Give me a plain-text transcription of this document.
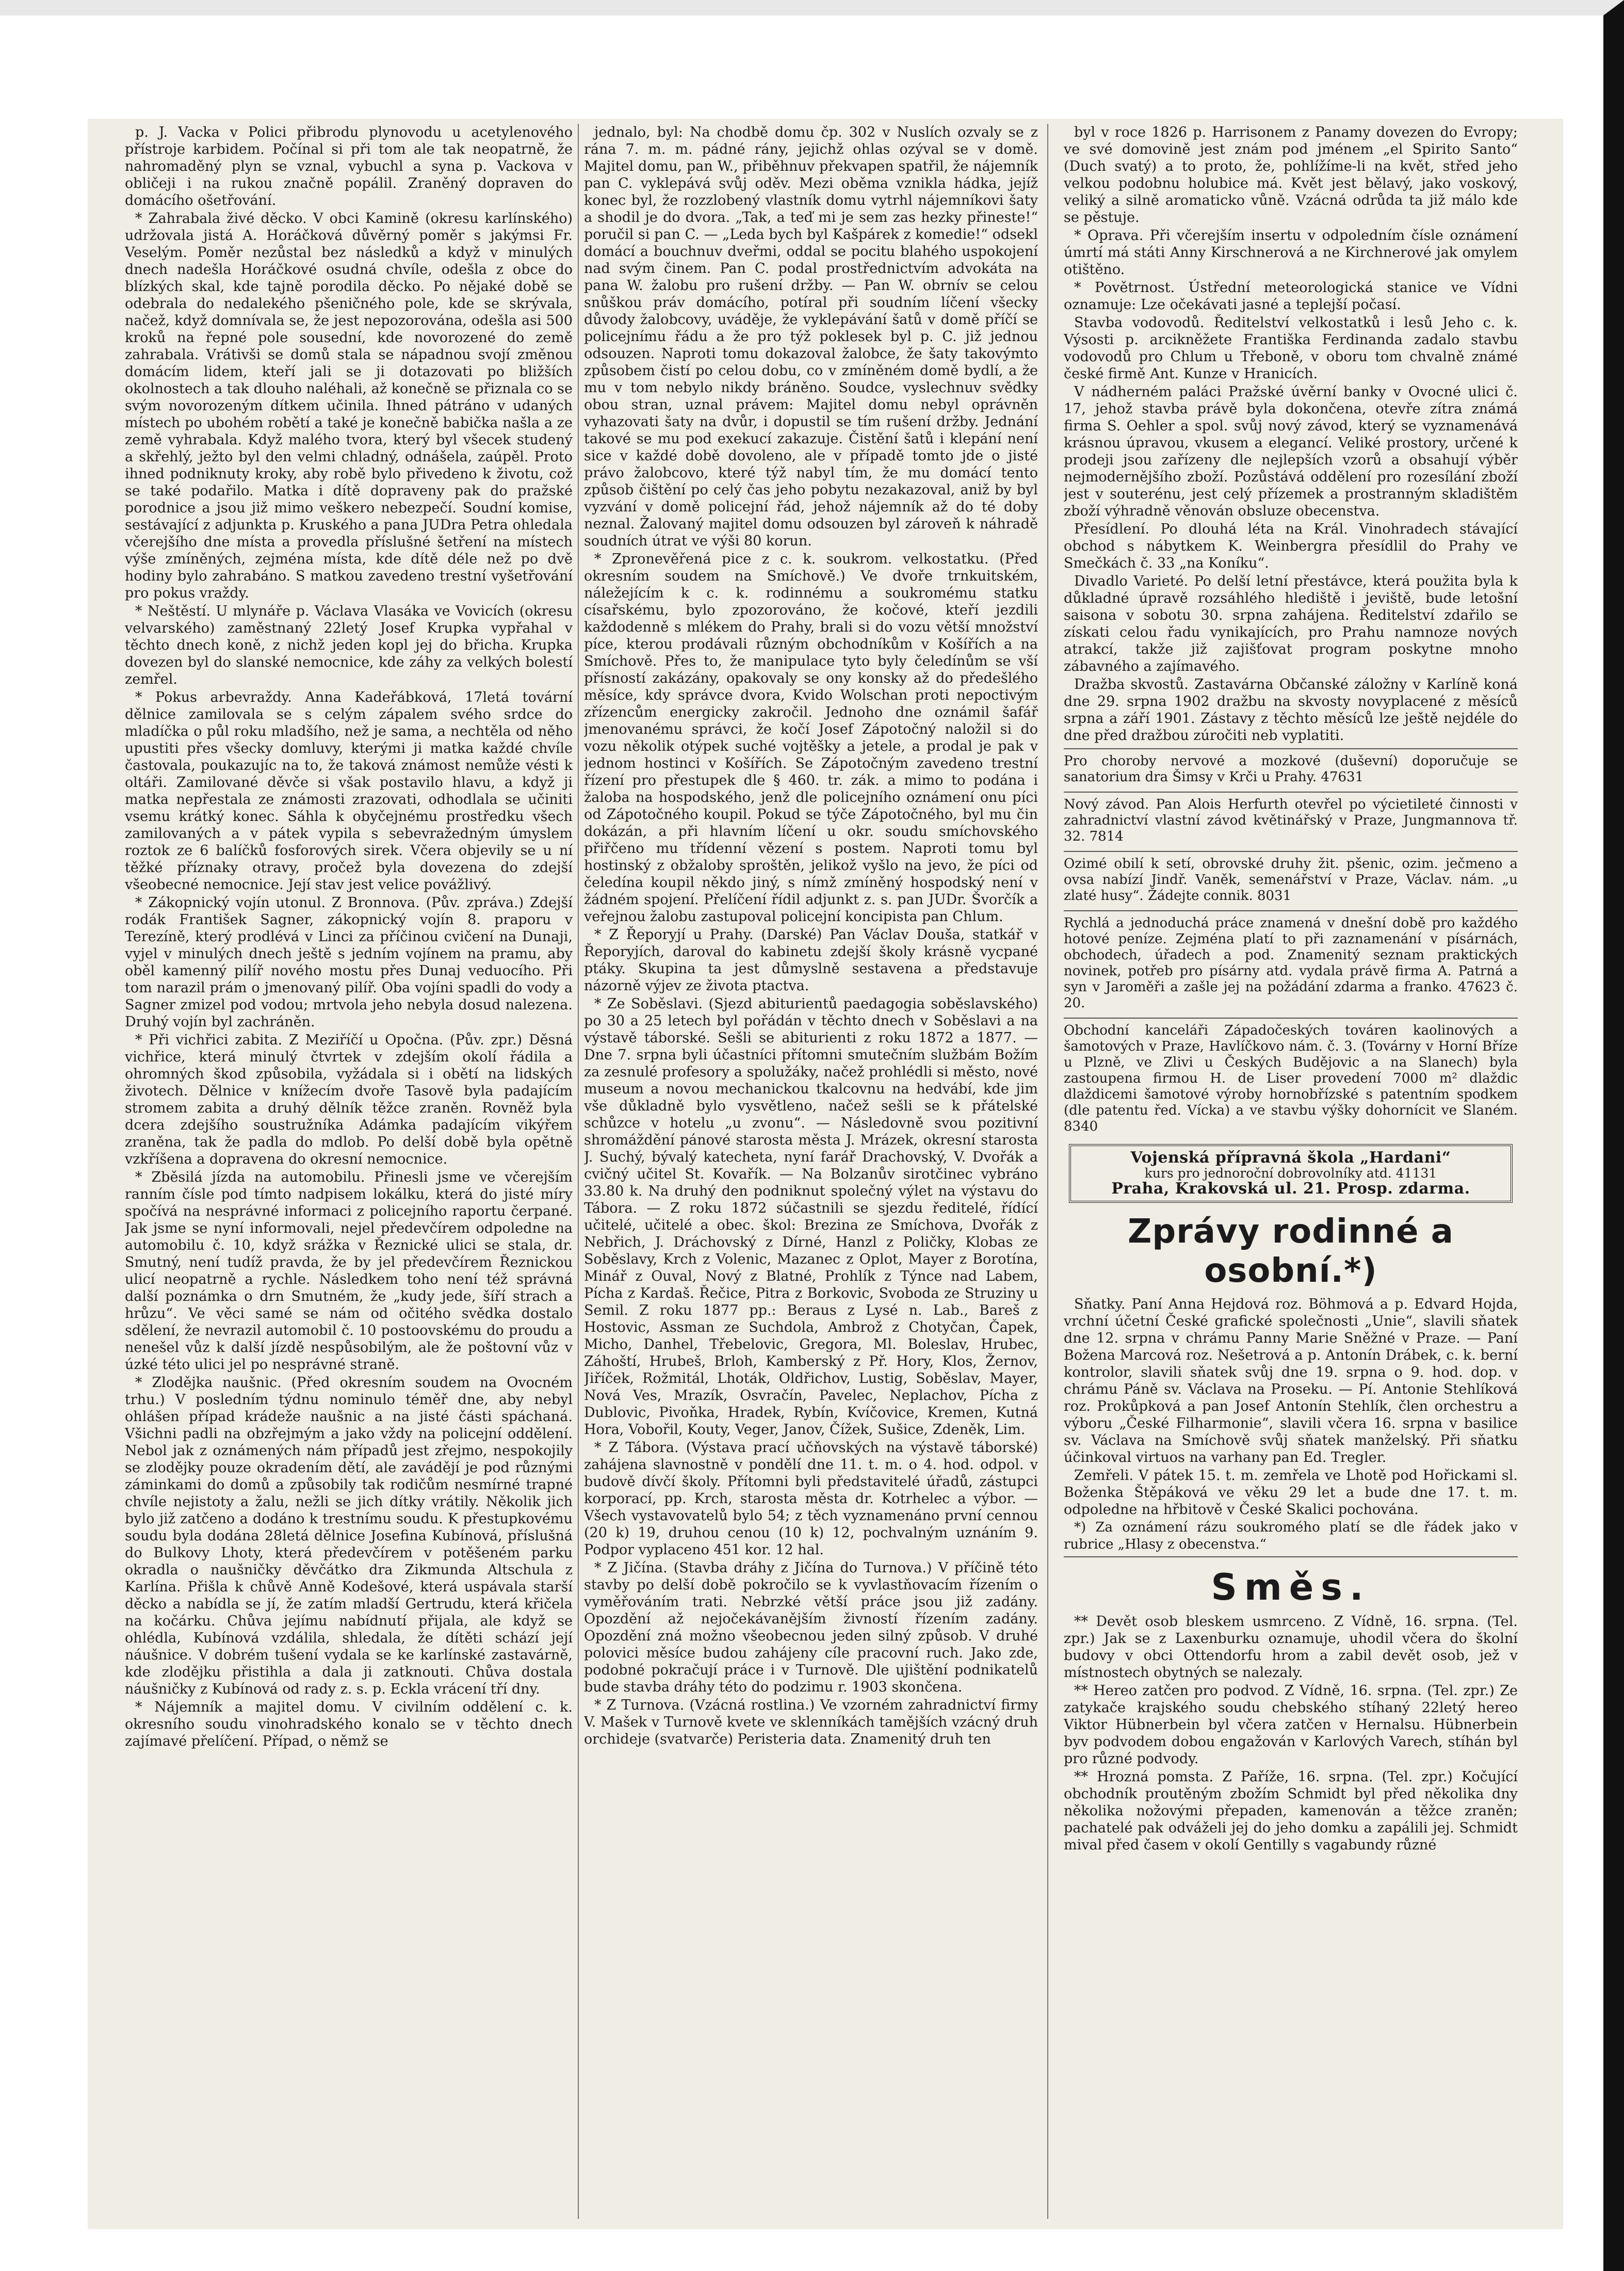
p. J. Vacka v Polici přibrodu plynovodu u acetylenového přístroje karbidem. Počínal si při tom ale tak neopatrně, že nahromaděný plyn se vznal, vybuchl a syna p. Vackova v obličeji i na rukou značně popálil. Zraněný dopraven do domácího ošetřování.

* Zahrabala živé děcko. V obci Kamině (okresu karlínského) udržovala jistá A. Horáčková důvěrný poměr s jakýmsi Fr. Veselým. Poměr nezůstal bez následků a když v minulých dnech nadešla Horáčkové osudná chvíle, odešla z obce do blízkých skal, kde tajně porodila děcko. Po nějaké době se odebrala do nedalekého pšeničného pole, kde se skrývala, načež, když domnívala se, že jest nepozorována, odešla asi 500 kroků na řepné pole sousední, kde novorozené do země zahrabala. Vrátivši se domů stala se nápadnou svojí změnou domácím lidem, kteří jali se ji dotazovati po bližších okolnostech a tak dlouho naléhali, až konečně se přiznala co se svým novorozeným dítkem učinila. Ihned pátráno v udaných místech po ubohém robětí a také je konečně babička našla a ze země vyhrabala. Když malého tvora, který byl všecek studený a skřehlý, ježto byl den velmi chladný, odnášela, zaúpěl. Proto ihned podniknuty kroky, aby robě bylo přivedeno k životu, což se také podařilo. Matka i dítě dopraveny pak do pražské porodnice a jsou již mimo veškero nebezpečí. Soudní komise, sestávající z adjunkta p. Kruského a pana JUDra Petra ohledala včerejšího dne místa a provedla příslušné šetření na místech výše zmíněných, zejména místa, kde dítě déle než po dvě hodiny bylo zahrabáno. S matkou zavedeno trestní vyšetřování pro pokus vraždy.

* Neštěstí. U mlynáře p. Václava Vlasáka ve Vovicích (okresu velvarského) zaměstnaný 22letý Josef Krupka vypřahal v těchto dnech koně, z nichž jeden kopl jej do břicha. Krupka dovezen byl do slanské nemocnice, kde záhy za velkých bolestí zemřel.

* Pokus arbevraždy. Anna Kadeřábková, 17letá tovární dělnice zamilovala se s celým zápalem svého srdce do mladíčka o půl roku mladšího, než je sama, a nechtěla od něho upustiti přes všecky domluvy, kterými ji matka každé chvíle častovala, poukazujíc na to, že taková známost nemůže vésti k oltáři. Zamilované děvče si však postavilo hlavu, a když ji matka nepřestala ze známosti zrazovati, odhodlala se učiniti vsemu krátký konec. Sáhla k obyčejnému prostředku všech zamilovaných a v pátek vypila s sebevražedným úmyslem roztok ze 6 balíčků fosforových sirek. Včera objevily se u ní těžké příznaky otravy, pročež byla dovezena do zdejší všeobecné nemocnice. Její stav jest velice povážlivý.

* Zákopnický vojín utonul. Z Bronnova. (Pův. zpráva.) Zdejší rodák František Sagner, zákopnický vojín 8. praporu v Terezíně, který prodlévá v Linci za příčinou cvičení na Dunaji, vyjel v minulých dnech ještě s jedním vojínem na pramu, aby oběl kamenný pilíř nového mostu přes Dunaj veduocího. Při tom narazil prám o jmenovaný pilíř. Oba vojíni spadli do vody a Sagner zmizel pod vodou; mrtvola jeho nebyla dosud nalezena. Druhý vojín byl zachráněn.

* Při vichřici zabita. Z Meziříčí u Opočna. (Pův. zpr.) Děsná vichřice, která minulý čtvrtek v zdejším okolí řádila a ohromných škod způsobila, vyžádala si i obětí na lidských životech. Dělnice v knížecím dvoře Tasově byla padajícím stromem zabita a druhý dělník těžce zraněn. Rovněž byla dcera zdejšího soustružníka Adámka padajícím vikýřem zraněna, tak že padla do mdlob. Po delší době byla opětně vzkříšena a dopravena do okresní nemocnice.

* Zběsilá jízda na automobilu. Přinesli jsme ve včerejším ranním čísle pod tímto nadpisem lokálku, která do jisté míry spočívá na nesprávné informaci z policejního raportu čerpané. Jak jsme se nyní informovali, nejel předevčírem odpoledne na automobilu č. 10, když srážka v Řeznické ulici se stala, dr. Smutný, není tudíž pravda, že by jel předevčírem Řeznickou ulicí neopatrně a rychle. Následkem toho není též správná další poznámka o drn Smutném, že „kudy jede, šíří strach a hrůzu“. Ve věci samé se nám od očitého svědka dostalo sdělení, že nevrazil automobil č. 10 postoovskému do proudu a nenešel vůz k další jízdě nespůsobilým, ale že poštovní vůz v úzké této ulici jel po nesprávné straně.

* Zlodějka naušnic. (Před okresním soudem na Ovocném trhu.) V posledním týdnu nominulo téměř dne, aby nebyl ohlášen případ krádeže naušnic a na jisté části spáchaná. Všichni padli na obzřejmým a jako vždy na policejní oddělení. Nebol jak z oznámených nám případů jest zřejmo, nespokojily se zlodějky pouze okradením dětí, ale zavádějí je pod různými záminkami do domů a způsobily tak rodičům nesmírné trapné chvíle nejistoty a žalu, nežli se jich dítky vrátily. Několik jich bylo již zatčeno a dodáno k trestnímu soudu. K přestupkovému soudu byla dodána 28letá dělnice Josefina Kubínová, příslušná do Bulkovy Lhoty, která předevčírem v potěšeném parku okradla o naušničky děvčátko dra Zikmunda Altschula z Karlína. Přišla k chůvě Anně Kodešové, která uspávala starší děcko a nabídla se jí, že zatím mladší Gertrudu, která křičela na kočárku. Chůva jejímu nabídnutí přijala, ale když se ohlédla, Kubínová vzdálila, shledala, že dítěti schází její náušnice. V dobrém tušení vydala se ke karlínské zastavárně, kde zlodějku přistihla a dala ji zatknouti. Chůva dostala náušničky z Kubínová od rady z. s. p. Eckla vrácení tří dny.

* Nájemník a majitel domu. V civilním oddělení c. k. okresního soudu vinohradského konalo se v těchto dnech zajímavé přelíčení. Případ, o němž se

jednalo, byl: Na chodbě domu čp. 302 v Nuslích ozvaly se z rána 7. m. m. pádné rány, jejichž ohlas ozýval se v domě. Majitel domu, pan W., přiběhnuv překvapen spatřil, že nájemník pan C. vyklepává svůj oděv. Mezi oběma vznikla hádka, jejíž konec byl, že rozzlobený vlastník domu vytrhl nájemníkovi šaty a shodil je do dvora. „Tak, a teď mi je sem zas hezky přineste!“ poručil si pan C. — „Leda bych byl Kašpárek z komedie!“ odsekl domácí a bouchnuv dveřmi, oddal se pocitu blahého uspokojení nad svým činem. Pan C. podal prostřednictvím advokáta na pana W. žalobu pro rušení držby. — Pan W. obrnív se celou snůškou práv domácího, potíral při soudním líčení všecky důvody žalobcovy, uváděje, že vyklepávání šatů v domě příčí se policejnímu řádu a že pro týž poklesek byl p. C. již jednou odsouzen. Naproti tomu dokazoval žalobce, že šaty takovýmto způsobem čistí po celou dobu, co v zmíněném domě bydlí, a že mu v tom nebylo nikdy bráněno. Soudce, vyslechnuv svědky obou stran, uznal právem: Majitel domu nebyl oprávněn vyhazovati šaty na dvůr, i dopustil se tím rušení držby. Jednání takové se mu pod exekucí zakazuje. Čistění šatů i klepání není sice v každé době dovoleno, ale v případě tomto jde o jisté právo žalobcovo, které týž nabyl tím, že mu domácí tento způsob čištění po celý čas jeho pobytu nezakazoval, aniž by byl vyzvání v domě policejní řád, jehož nájemník až do té doby neznal. Žalovaný majitel domu odsouzen byl zároveň k náhradě soudních útrat ve výši 80 korun.

* Zpronevěřená pice z c. k. soukrom. velkostatku. (Před okresním soudem na Smíchově.) Ve dvoře trnkuitském, náležejícím k c. k. rodinnému a soukromému statku císařskému, bylo zpozorováno, že kočové, kteří jezdili každodenně s mlékem do Prahy, brali si do vozu větší množství píce, kterou prodávali různým obchodníkům v Košířích a na Smíchově. Přes to, že manipulace tyto byly čeledínům se vší přísností zakázány, opakovaly se ony konsky až do předešlého měsíce, kdy správce dvora, Kvido Wolschan proti nepoctivým zřízencům energicky zakročil. Jednoho dne oznámil šafář jmenovanému správci, že kočí Josef Zápotočný naložil si do vozu několik otýpek suché vojtěšky a jetele, a prodal je pak v jednom hostinci v Košířích. Se Zápotočným zavedeno trestní řízení pro přestupek dle § 460. tr. zák. a mimo to podána i žaloba na hospodského, jenž dle policejního oznámení onu píci od Zápotočného koupil. Pokud se týče Zápotočného, byl mu čin dokázán, a při hlavním líčení u okr. soudu smíchovského přiřčeno mu třídenní vězení s postem. Naproti tomu byl hostinský z obžaloby sproštěn, jelikož vyšlo na jevo, že píci od čeledína koupil někdo jiný, s nímž zmíněný hospodský není v žádném spojení. Přelíčení řídil adjunkt z. s. pan JUDr. Švorčík a veřejnou žalobu zastupoval policejní koncipista pan Chlum.

* Z Řeporyjí u Prahy. (Darské) Pan Václav Douša, statkář v Řeporyjích, daroval do kabinetu zdejší školy krásně vycpané ptáky. Skupina ta jest důmyslně sestavena a představuje názorně výjev ze života ptactva.

* Ze Soběslavi. (Sjezd abiturientů paedagogia soběslavského) po 30 a 25 letech byl pořádán v těchto dnech v Soběslavi a na výstavě táborské. Sešli se abiturienti z roku 1872 a 1877. — Dne 7. srpna byli účastníci přítomni smutečním službám Božím za zesnulé profesory a spolužáky, načež prohlédli si město, nové museum a novou mechanickou tkalcovnu na hedvábí, kde jim vše důkladně bylo vysvětleno, načež sešli se k přátelské schůzce v hotelu „u zvonu“. — Následovně svou pozitivní shromáždění pánové starosta města J. Mrázek, okresní starosta J. Suchý, bývalý katecheta, nyní farář Drachovský, V. Dvořák a cvičný učitel St. Kovařík. — Na Bolzanův sirotčinec vybráno 33.80 k. Na druhý den podniknut společný výlet na výstavu do Tábora. — Z roku 1872 súčastnili se sjezdu ředitelé, řídící učitelé, učitelé a obec. škol: Brezina ze Smíchova, Dvořák z Nebřich, J. Dráchovský z Dírné, Hanzl z Poličky, Klobas ze Soběslavy, Krch z Volenic, Mazanec z Oplot, Mayer z Borotína, Minář z Ouval, Nový z Blatné, Prohlík z Týnce nad Labem, Pícha z Kardaš. Řečice, Pitra z Borkovic, Svoboda ze Struziny u Semil. Z roku 1877 pp.: Beraus z Lysé n. Lab., Bareš z Hostovic, Assman ze Suchdola, Ambrož z Chotyčan, Čapek, Micho, Danhel, Třebelovic, Gregora, Ml. Boleslav, Hrubec, Záhoští, Hrubeš, Brloh, Kamberský z Př. Hory, Klos, Žernov, Jiříček, Rožmitál, Lhoták, Oldřichov, Lustig, Soběslav, Mayer, Nová Ves, Mrazík, Osvračín, Pavelec, Neplachov, Pícha z Dublovic, Pivoňka, Hradek, Rybín, Kvíčovice, Kremen, Kutná Hora, Vobořil, Kouty, Veger, Janov, Čížek, Sušice, Zdeněk, Lim.

* Z Tábora. (Výstava prací učňovských na výstavě táborské) zahájena slavnostně v pondělí dne 11. t. m. o 4. hod. odpol. v budově dívčí školy. Přítomni byli představitelé úřadů, zástupci korporací, pp. Krch, starosta města dr. Kotrhelec a výbor. — Všech vystavovatelů bylo 54; z těch vyznamenáno první cennou (20 k) 19, druhou cenou (10 k) 12, pochvalným uznáním 9. Podpor vyplaceno 451 kor. 12 hal.

* Z Jičína. (Stavba dráhy z Jičína do Turnova.) V příčině této stavby po delší době pokročilo se k vyvlastňovacím řízením o vyměřováním trati. Nebrzké větší práce jsou již zadány. Opozdění až nejočekávanějším živností řízením zadány. Opozdění zná možno všeobecnou jeden silný způsob. V druhé polovici měsíce budou zahájeny cíle pracovní ruch. Jako zde, podobné pokračují práce i v Turnově. Dle ujištění podnikatelů bude stavba dráhy této do podzimu r. 1903 skončena.

* Z Turnova. (Vzácná rostlina.) Ve vzorném zahradnictví firmy V. Mašek v Turnově kvete ve sklenníkách tamějších vzácný druh orchideje (svatvarče) Peristeria data. Znamenitý druh ten

byl v roce 1826 p. Harrisonem z Panamy dovezen do Evropy; ve své domovině jest znám pod jménem „el Spirito Santo“ (Duch svatý) a to proto, že, pohlížíme-li na květ, střed jeho velkou podobnu holubice má. Květ jest bělavý, jako voskový, veliký a silně aromaticko vůně. Vzácná odrůda ta již málo kde se pěstuje.

* Oprava. Při včerejším insertu v odpoledním čísle oznámení úmrtí má státi Anny Kirschnerová a ne Kirchnerové jak omylem otištěno.

* Povětrnost. Ústřední meteorologická stanice ve Vídni oznamuje: Lze očekávati jasné a teplejší počasí.

Stavba vodovodů. Ředitelství velkostatků i lesů Jeho c. k. Výsosti p. arcikněžete Františka Ferdinanda zadalo stavbu vodovodů pro Chlum u Třeboně, v oboru tom chvalně známé české firmě Ant. Kunze v Hranicích.

V nádherném paláci Pražské úvěrní banky v Ovocné ulici č. 17, jehož stavba právě byla dokončena, otevře zítra známá firma S. Oehler a spol. svůj nový závod, který se vyznamenává krásnou úpravou, vkusem a elegancí. Veliké prostory, určené k prodeji jsou zařízeny dle nejlepších vzorů a obsahují výběr nejmodernějšího zboží. Pozůstává oddělení pro rozesílání zboží jest v souterénu, jest celý přízemek a prostranným skladištěm zboží výhradně věnován obsluze obecenstva.

Přesídlení. Po dlouhá léta na Král. Vinohradech stávající obchod s nábytkem K. Weinbergra přesídlil do Prahy ve Smečkách č. 33 „na Koníku“.

Divadlo Varieté. Po delší letní přestávce, která použita byla k důkladné úpravě rozsáhlého hlediště i jeviště, bude letošní saisona v sobotu 30. srpna zahájena. Ředitelství zdařilo se získati celou řadu vynikajících, pro Prahu namnoze nových atrakcí, takže již zajišťovat program poskytne mnoho zábavného a zajímavého.

Dražba skvostů. Zastavárna Občanské záložny v Karlíně koná dne 29. srpna 1902 dražbu na skvosty novyplacené z měsíců srpna a září 1901. Zástavy z těchto měsíců lze ještě nejdéle do dne před dražbou zúročiti neb vyplatiti.

Pro choroby nervové a mozkové (duševní) doporučuje se sanatorium dra Šimsy v Krči u Prahy. 47631
Nový závod. Pan Alois Herfurth otevřel po výcietileté činnosti v zahradnictví vlastní závod květinářský v Praze, Jungmannova tř. 32. 7814
Ozimé obilí k setí, obrovské druhy žit. pšenic, ozim. ječmeno a ovsa nabízí Jindř. Vaněk, semenářství v Praze, Václav. nám. „u zlaté husy“. Žádejte connik. 8031
Rychlá a jednoduchá práce znamená v dnešní době pro každého hotové peníze. Zejména platí to při zaznamenání v písárnách, obchodech, úřadech a pod. Znamenitý seznam praktických novinek, potřeb pro písárny atd. vydala právě firma A. Patrná a syn v Jaroměři a zašle jej na požádání zdarma a franko. 47623 č. 20.
Obchodní kanceláři Západočeských továren kaolinových a šamotových v Praze, Havlíčkovo nám. č. 3. (Továrny v Horní Bříze u Plzně, ve Zlivi u Českých Budějovic a na Slanech) byla zastoupena firmou H. de Liser provedení 7000 m² dlaždic dlaždicemi šamotové výroby hornobřízské s patentním spodkem (dle patentu řed. Vícka) a ve stavbu výšky dohornícit ve Slaném. 8340
Vojenská přípravná škola „Hardani“
kurs pro jednoroční dobrovolníky atd. 41131
Praha, Krakovská ul. 21. Prosp. zdarma.
Zprávy rodinné a osobní.*)

Sňatky. Paní Anna Hejdová roz. Böhmová a p. Edvard Hojda, vrchní účetní České grafické společnosti „Unie“, slavili sňatek dne 12. srpna v chrámu Panny Marie Sněžné v Praze. — Paní Božena Marcová roz. Nešetrová a p. Antonín Drábek, c. k. berní kontrolor, slavili sňatek svůj dne 19. srpna o 9. hod. dop. v chrámu Páně sv. Václava na Proseku. — Pí. Antonie Stehlíková roz. Prokůpková a pan Josef Antonín Stehlík, člen orchestru a výboru „České Filharmonie“, slavili včera 16. srpna v basilice sv. Václava na Smíchově svůj sňatek manželský. Při sňatku účinkoval virtuos na varhany pan Ed. Tregler.

Zemřeli. V pátek 15. t. m. zemřela ve Lhotě pod Hořickami sl. Boženka Štěpáková ve věku 29 let a bude dne 17. t. m. odpoledne na hřbitově v České Skalici pochována.

*) Za oznámení rázu soukromého platí se dle řádek jako v rubrice „Hlasy z obecenstva.“

Směs.

** Devět osob bleskem usmrceno. Z Vídně, 16. srpna. (Tel. zpr.) Jak se z Laxenburku oznamuje, uhodil včera do školní budovy v obci Ottendorfu hrom a zabil devět osob, jež v místnostech obytných se nalezaly.

** Hereo zatčen pro podvod. Z Vídně, 16. srpna. (Tel. zpr.) Ze zatykače krajského soudu chebského stíhaný 22letý hereo Viktor Hübnerbein byl včera zatčen v Hernalsu. Hübnerbein byv podvodem dobou engažován v Karlových Varech, stíhán byl pro různé podvody.

** Hrozná pomsta. Z Paříže, 16. srpna. (Tel. zpr.) Kočující obchodník proutěným zbožím Schmidt byl před několika dny několika nožovými přepaden, kamenován a těžce zraněn; pachatelé pak odváželi jej do jeho domku a zapálili jej. Schmidt mival před časem v okolí Gentilly s vagabundy různé
